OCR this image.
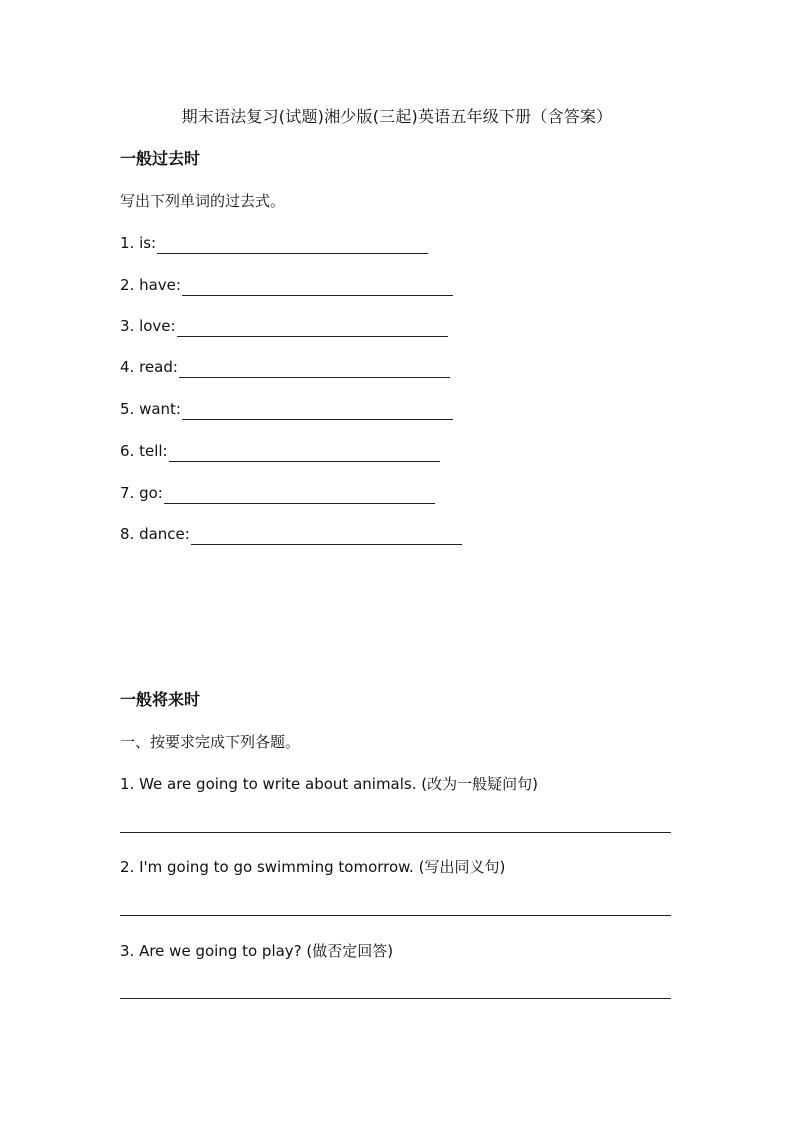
期末语法复习(试题)湘少版(三起)英语五年级下册（含答案）
一般过去时
写出下列单词的过去式。
1. is:
2. have:
3. love:
4. read:
5. want:
6. tell:
7. go:
8. dance:
一般将来时
一、按要求完成下列各题。
1. We are going to write about animals. (改为一般疑问句)
2. I'm going to go swimming tomorrow. (写出同义句)
3. Are we going to play? (做否定回答)
